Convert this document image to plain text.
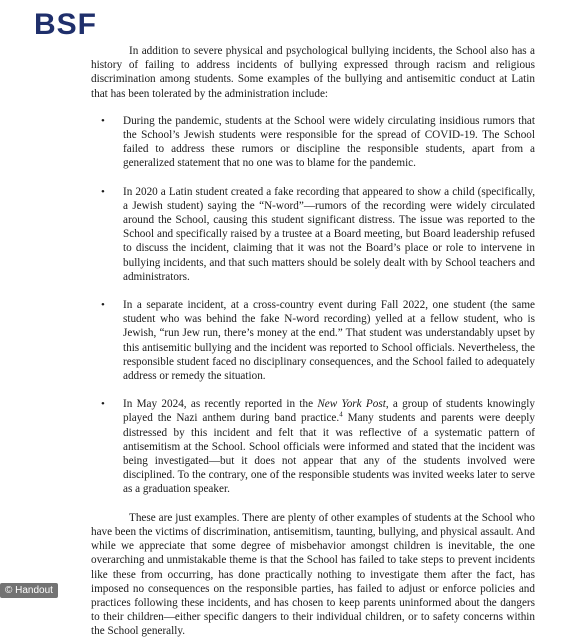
BSF

In addition to severe physical and psychological bullying incidents, the School also has a history of failing to address incidents of bullying expressed through racism and religious discrimination among students. Some examples of the bullying and antisemitic conduct at Latin that has been tolerated by the administration include:

• During the pandemic, students at the School were widely circulating insidious rumors that the School’s Jewish students were responsible for the spread of COVID-19. The School failed to address these rumors or discipline the responsible students, apart from a generalized statement that no one was to blame for the pandemic.
• In 2020 a Latin student created a fake recording that appeared to show a child (specifically, a Jewish student) saying the “N-word”—rumors of the recording were widely circulated around the School, causing this student significant distress. The issue was reported to the School and specifically raised by a trustee at a Board meeting, but Board leadership refused to discuss the incident, claiming that it was not the Board’s place or role to intervene in bullying incidents, and that such matters should be solely dealt with by School teachers and administrators.
• In a separate incident, at a cross-country event during Fall 2022, one student (the same student who was behind the fake N-word recording) yelled at a fellow student, who is Jewish, “run Jew run, there’s money at the end.” That student was understandably upset by this antisemitic bullying and the incident was reported to School officials. Nevertheless, the responsible student faced no disciplinary consequences, and the School failed to adequately address or remedy the situation.
• In May 2024, as recently reported in the New York Post, a group of students knowingly played the Nazi anthem during band practice.$^4$ Many students and parents were deeply distressed by this incident and felt that it was reflective of a systematic pattern of antisemitism at the School. School officials were informed and stated that the incident was being investigated—but it does not appear that any of the students involved were disciplined. To the contrary, one of the responsible students was invited weeks later to serve as a graduation speaker.

These are just examples. There are plenty of other examples of students at the School who have been the victims of discrimination, antisemitism, taunting, bullying, and physical assault. And while we appreciate that some degree of misbehavior amongst children is inevitable, the one overarching and unmistakable theme is that the School has failed to take steps to prevent incidents like these from occurring, has done practically nothing to investigate them after the fact, has imposed no consequences on the responsible parties, has failed to adjust or enforce policies and practices following these incidents, and has chosen to keep parents uninformed about the dangers to their children—either specific dangers to their individual children, or to safety concerns within the School generally.

© Handout
